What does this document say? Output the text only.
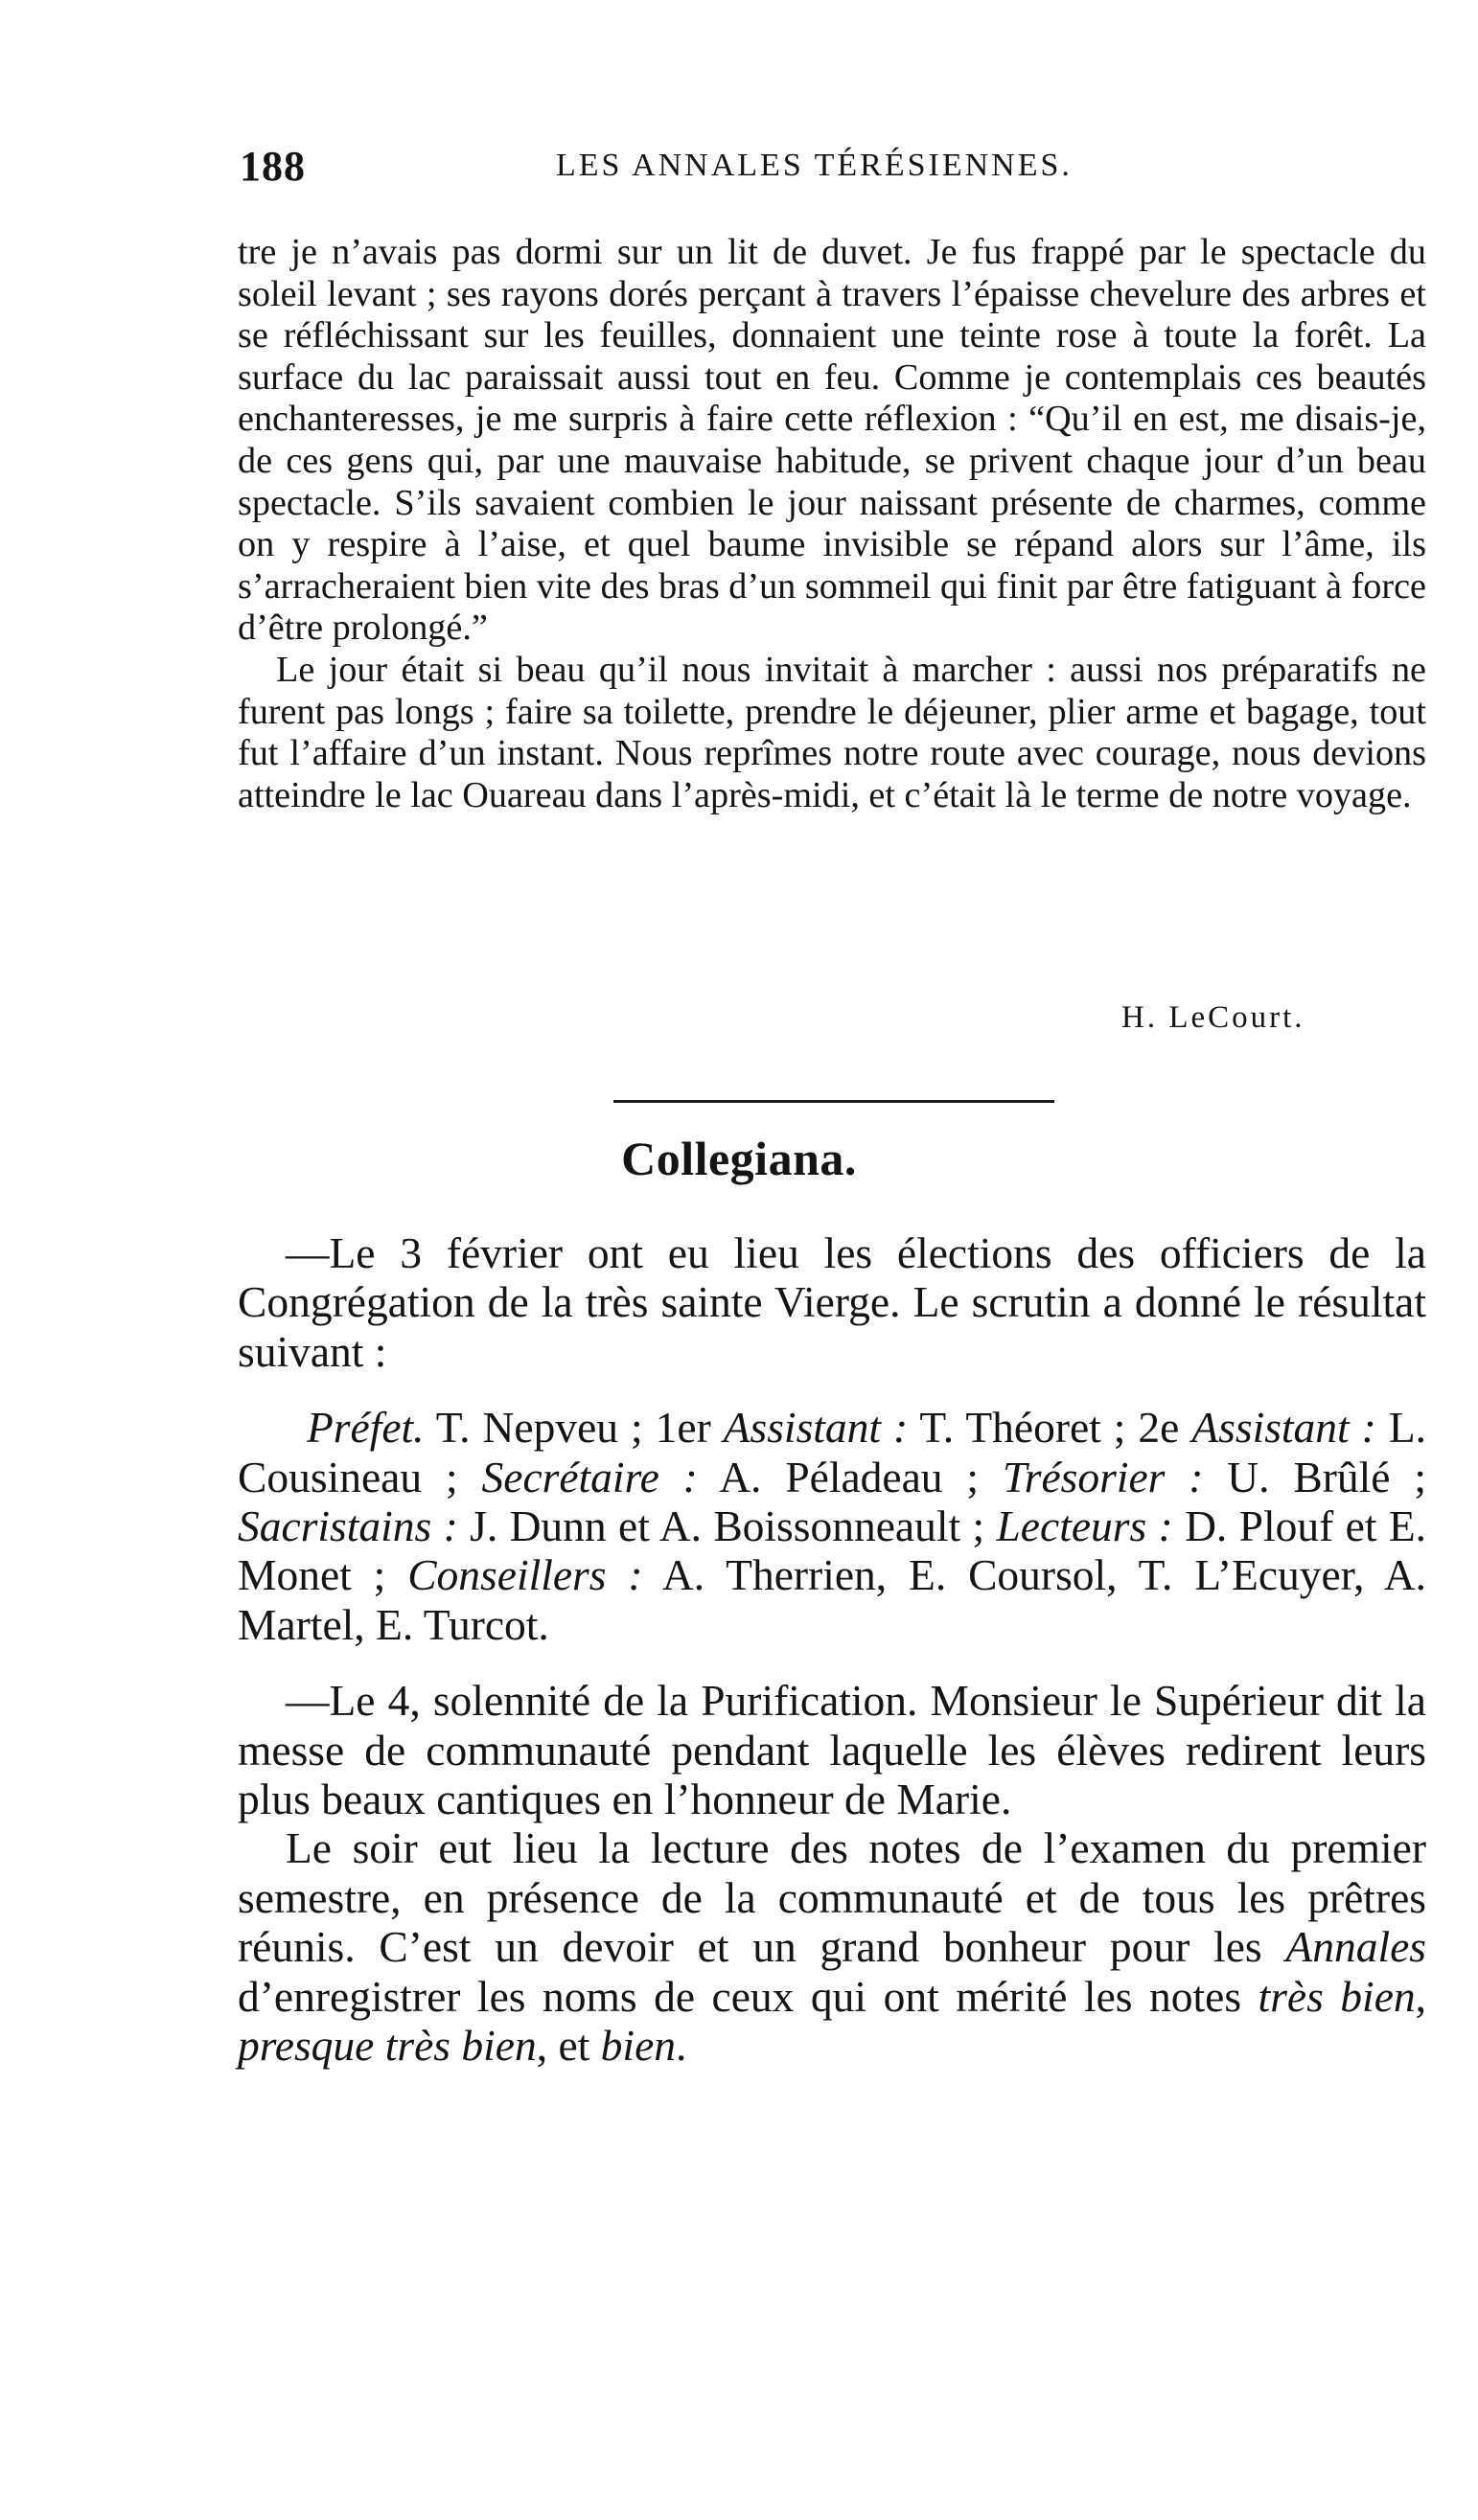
188	LES ANNALES TÉRÉSIENNES.

tre je n’avais pas dormi sur un lit de duvet. Je fus frappé par le spectacle du soleil levant ; ses rayons dorés perçant à travers l’épaisse chevelure des arbres et se réfléchissant sur les feuilles, donnaient une teinte rose à toute la forêt. La surface du lac paraissait aussi tout en feu. Comme je contemplais ces beautés enchanteresses, je me surpris à faire cette réflexion : “Qu’il en est, me disais-je, de ces gens qui, par une mauvaise habitude, se privent chaque jour d’un beau spectacle. S’ils savaient combien le jour naissant présente de charmes, comme on y respire à l’aise, et quel baume invisible se répand alors sur l’âme, ils s’arracheraient bien vite des bras d’un sommeil qui finit par être fatiguant à force d’être prolongé.”

Le jour était si beau qu’il nous invitait à marcher : aussi nos préparatifs ne furent pas longs ; faire sa toilette, prendre le déjeuner, plier arme et bagage, tout fut l’affaire d’un instant. Nous reprîmes notre route avec courage, nous devions atteindre le lac Ouareau dans l’après-midi, et c’était là le terme de notre voyage.

H. LeCourt.
Collegiana.

—Le 3 février ont eu lieu les élections des officiers de la Congrégation de la très sainte Vierge. Le scrutin a donné le résultat suivant :

Préfet. T. Nepveu ; 1er Assistant : T. Théoret ; 2e Assistant : L. Cousineau ; Secrétaire : A. Péladeau ; Trésorier : U. Brûlé ; Sacristains : J. Dunn et A. Boissonneault ; Lecteurs : D. Plouf et E. Monet ; Conseillers : A. Therrien, E. Coursol, T. L’Ecuyer, A. Martel, E. Turcot.

—Le 4, solennité de la Purification. Monsieur le Supérieur dit la messe de communauté pendant laquelle les élèves redirent leurs plus beaux cantiques en l’honneur de Marie.

Le soir eut lieu la lecture des notes de l’examen du premier semestre, en présence de la communauté et de tous les prêtres réunis. C’est un devoir et un grand bonheur pour les Annales d’enregistrer les noms de ceux qui ont mérité les notes très bien, presque très bien, et bien.
